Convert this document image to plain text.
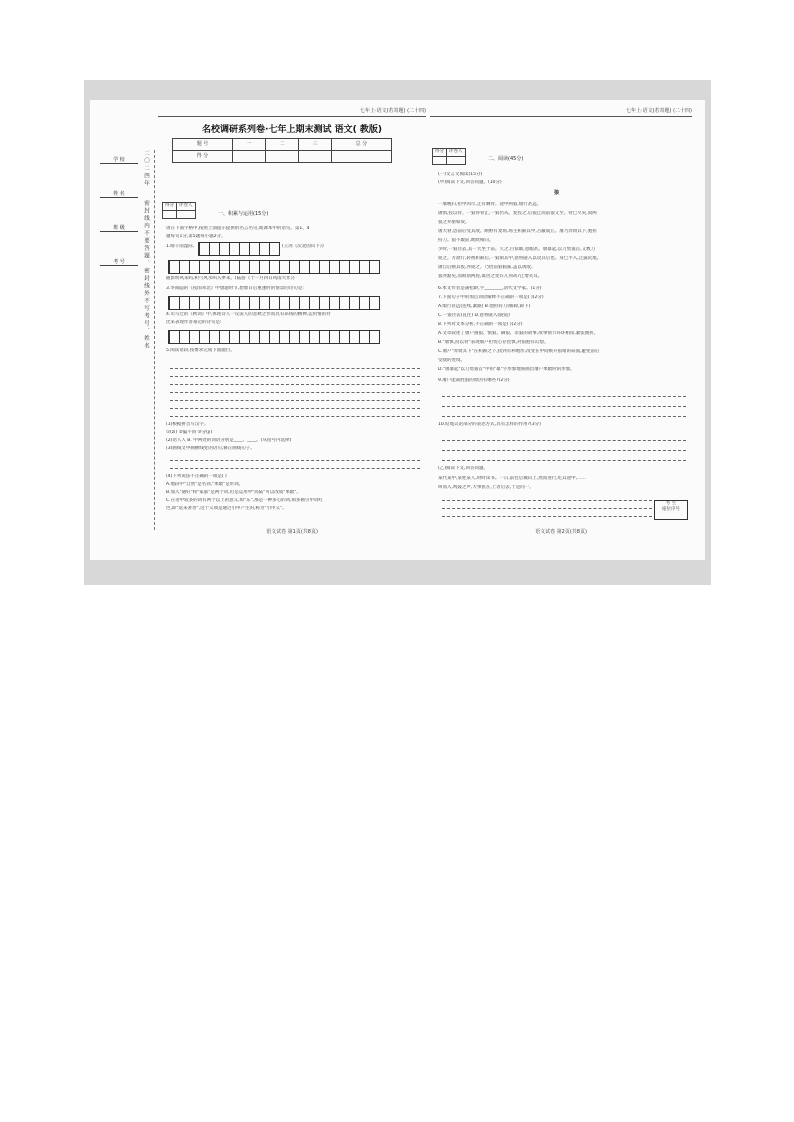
学 校
姓 名
班 级
考 号
二〇二四年
密封线内不要答题、密封线外不写考号、姓名
七年上·语文(若寄题) (二十四)
名校调研系列卷·七年上期末测试 语文( 教版)
题 号	一	二	三	总 分
得 分				
得分	评卷人

一、积累与运用(15分)
请在下面字格中,按照上面提示提供的名言名句,或课本中的语句。第1、4
题每句1分,第5题每小题2分。
1.晴干雨湿际,	(王湾《次北固山下》)
随影明风来吗,积弓风水叫入夢来。(陆游《十一月四日风雨大作》)
3.李商隐的《夜雨寄北》中想题时节,想象日后重逢时的情景的诗句是:
4.司马迁的《秋词》中,体现诗人一反前人的悲秋之作而具有昂扬的精神,运用情的对
比来表现作者豪迈的诗句是:
5.阅读语段,按要求完成下面题目。
(1)根据拼音写汉字。
①(zì) ②偏不同 ③分(jì)
(2)语人人 B. 中两处的词语分别是____、____。(从括号内选择)
(3)画线文中画横线处的语句,修正画线句子。
(4)下列说法不正确的一项是( )
A.地段中"自然"是名词,"果敢"是形词。
B.加入"通好"和"家都"是两个词,但是运用中"而陆"可以改成"果敢"。
C.在语中较多的词有两个以上的意义,如"东",那是一种多心的词,如多画引申词红
色,即"返来著善",这个义项是通过引申产生的,称为"引申义"。
语文试卷 第1页(共8页)
七年上·语文(若寄题) (二十四)
得分	评卷人

二、阅读(45分)
(一)文言文阅读(15分)
(甲)阅读下文,回答问题。(10分)
狼
一屠晚归,担中肉尽,止有剩骨。途中两狼,缀行甚远。
屠惧,投以骨。一狼得骨止,一狼仍从。复投之,后狼止而前狼又至。骨已尽矣,而两
狼之并驱如故。
屠大窘,恐前后受其敌。顾野有麦场,场主积薪其中,苫蔽成丘。屠乃奔倚其下,弛担
持刀。狼不敢前,眈眈相向。
少时,一狼径去,其一犬坐于前。久之,目似瞑,意暇甚。屠暴起,以刀劈狼首,又数刀
毙之。方欲行,转视积薪后,一狼洞其中,意将隧入以攻其后也。身已半入,止露尻尾。
屠自后断其股,亦毙之。乃悟前狼假寐,盖以诱敌。
狼亦黠矣,而顷刻两毙,禽兽之变诈几何哉?止增笑耳。
6.本文作者是蒲松龄,字________,清代文学家。(1分)
7.下面句子中的加点词语解释不正确的一项是( )(2分)
A.缀行甚远(连续,紧跟) B.弛担持刀(解除,卸下)
C.一狼径去(直往) D.意将隧入(隧道)
8.下列对文本分析,不正确的一项是( )(2分)
A.文章叙述了屠户遇狼、惧狼、御狼、杀狼的故事,故事情节环环相扣,紧张曲折。
B."屠惧,投以骨"表现屠户担忧心存畏惧,对狼抱有幻想。
C.屠户"奔倚其下"在积薪之下,找到有利地形,改变在中间被开狼堵的局面,避免前后
受敌的处境。
D."屠暴起"以刀劈狼首"中的"暴"字形象地刻画出屠户果敢时的形象。
9.屠户能战胜狼的原因有哪些?(2分)
10.结尾议论部分的表达方式,具有怎样的作用?(3分)
(乙)阅读下文,回答问题。
某代某中,某姓某人,时时读书。一日,前往后城山上,然而进行,吃其途中,……
叫而入,鸣鼓之声,大事犹在,上者后去,于是同一。
考 生
座位序号
语文试卷 第2页(共8页)
